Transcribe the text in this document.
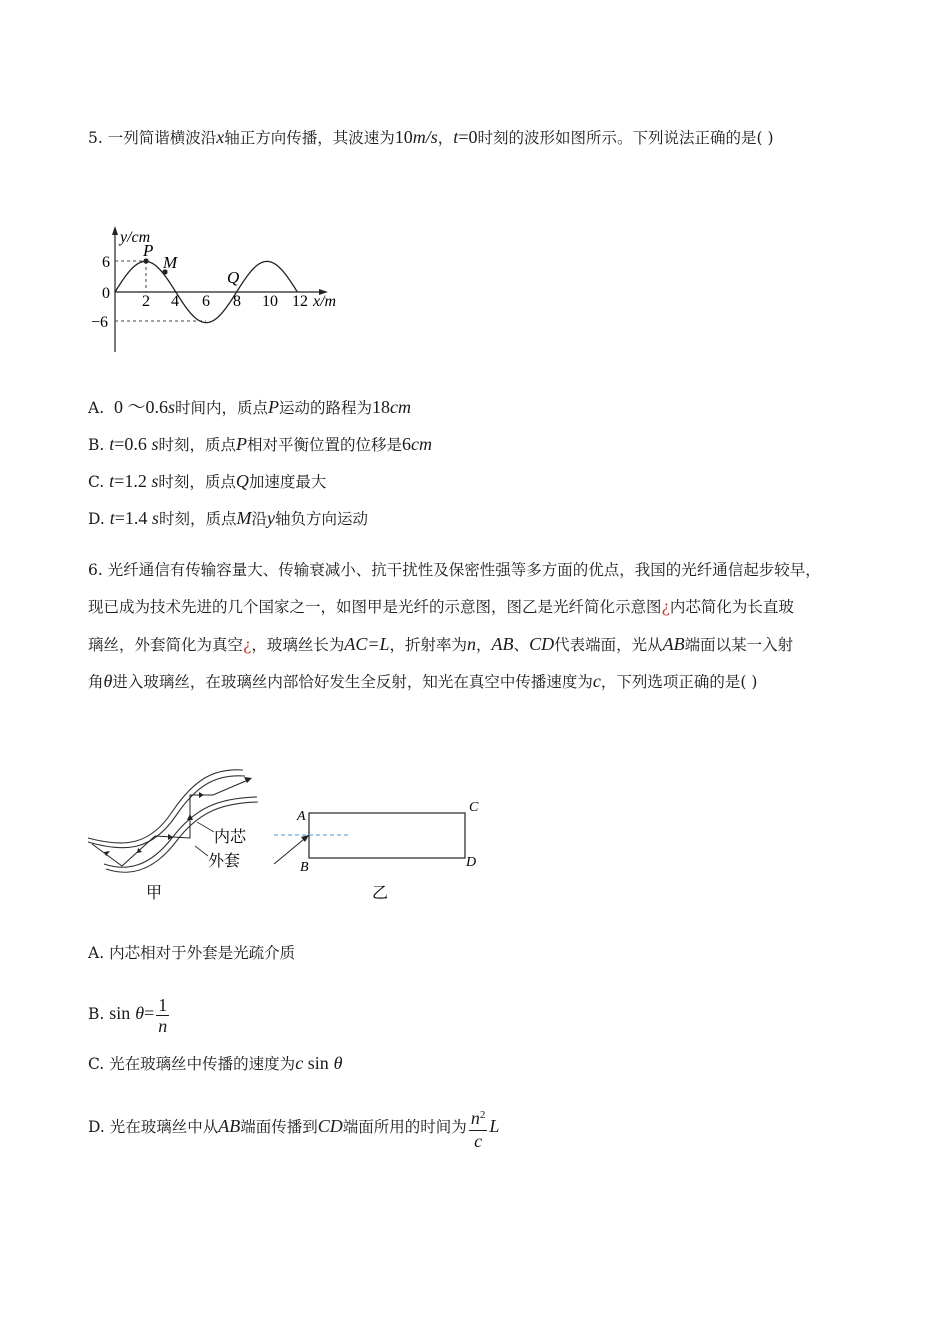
5. 一列简谐横波沿x轴正方向传播，其波速为10m/s，t=0时刻的波形如图所示。下列说法正确的是( )
y/cm
P
M
Q
6
0
−6
2 4 6 8 10 12 x/m
A. 0 ～0.6s时间内，质点P运动的路程为18cm
B. t=0.6 s时刻，质点P相对平衡位置的位移是6cm
C. t=1.2 s时刻，质点Q加速度最大
D. t=1.4 s时刻，质点M沿y轴负方向运动
6. 光纤通信有传输容量大、传输衰减小、抗干扰性及保密性强等多方面的优点，我国的光纤通信起步较早，
现已成为技术先进的几个国家之一，如图甲是光纤的示意图，图乙是光纤简化示意图¿内芯简化为长直玻
璃丝，外套简化为真空¿，玻璃丝长为AC=L，折射率为n，AB、CD代表端面，光从AB端面以某一入射
角θ进入玻璃丝，在玻璃丝内部恰好发生全反射，知光在真空中传播速度为c，下列选项正确的是( )
内芯
外套
甲
A
B
C
D
乙
A. 内芯相对于外套是光疏介质
B. $\sin \theta= \frac{1}{n}$
C. 光在玻璃丝中传播的速度为c sin θ
D. 光在玻璃丝中从AB端面传播到CD端面所用的时间为 $\frac{n^2}{c}$ L
